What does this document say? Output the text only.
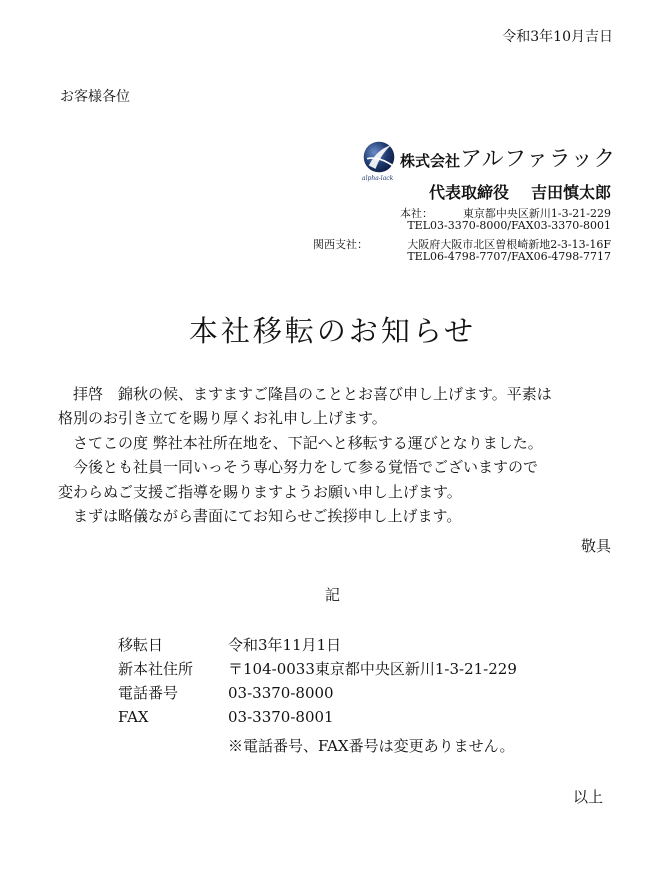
令和3年10月吉日
お客様各位
株式会社 アルファラック
alpha-lack
代表取締役 吉田慎太郎
本社：	東京都中央区新川1-3-21-229
TEL03-3370-8000/FAX03-3370-8001
関西支社：	大阪府大阪市北区曽根崎新地2-3-13-16F
TEL06-4798-7707/FAX06-4798-7717
本社移転のお知らせ

　拝啓　錦秋の候、ますますご隆昌のこととお喜び申し上げます。平素は

格別のお引き立てを賜り厚くお礼申し上げます。

　さてこの度 弊社本社所在地を、下記へと移転する運びとなりました。

　今後とも社員一同いっそう専心努力をして参る覚悟でございますので

変わらぬご支援ご指導を賜りますようお願い申し上げます。

　まずは略儀ながら書面にてお知らせご挨拶申し上げます。

敬具
記
移転日	令和3年11月1日
新本社住所	〒104-0033東京都中央区新川1-3-21-229
電話番号	03-3370-8000
FAX	03-3370-8001
※電話番号、FAX番号は変更ありません。
以上
